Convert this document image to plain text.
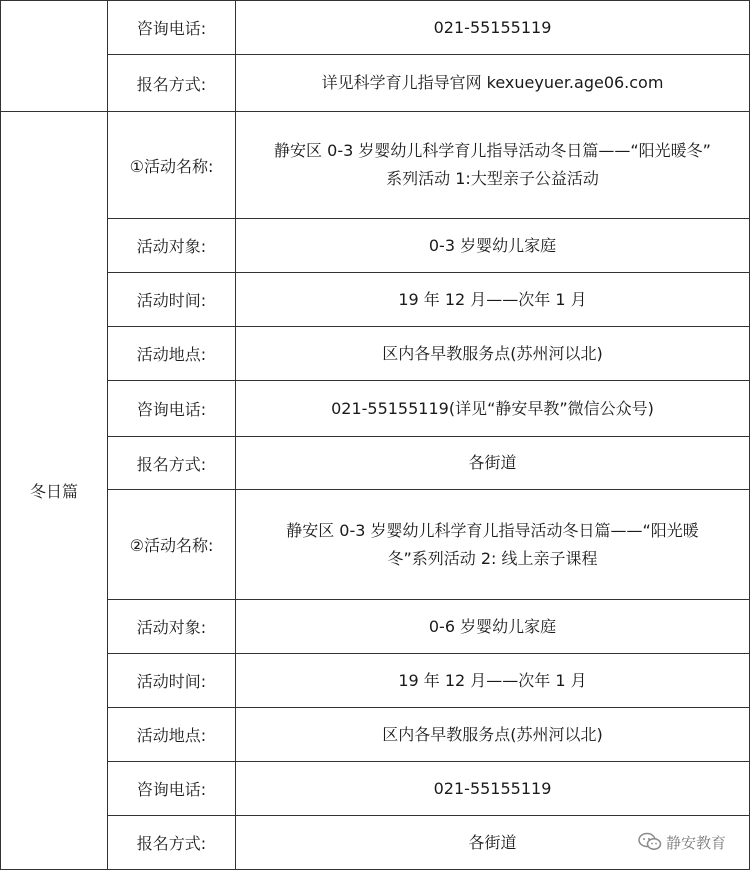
	咨询电话:	021-55155119
	报名方式:	详见科学育儿指导官网 kexueyuer.age06.com
冬日篇	①活动名称:	静安区 0-3 岁婴幼儿科学育儿指导活动冬日篇——“阳光暖冬”
系列活动 1:大型亲子公益活动

	活动对象:	0-3 岁婴幼儿家庭
	活动时间:	19 年 12 月——次年 1 月
	活动地点:	区内各早教服务点(苏州河以北)
	咨询电话:	021-55155119(详见“静安早教”微信公众号)
	报名方式:	各街道
	②活动名称:	静安区 0-3 岁婴幼儿科学育儿指导活动冬日篇——“阳光暖
冬”系列活动 2: 线上亲子课程

	活动对象:	0-6 岁婴幼儿家庭
	活动时间:	19 年 12 月——次年 1 月
	活动地点:	区内各早教服务点(苏州河以北)
	咨询电话:	021-55155119
	报名方式:	各街道	静安教育
